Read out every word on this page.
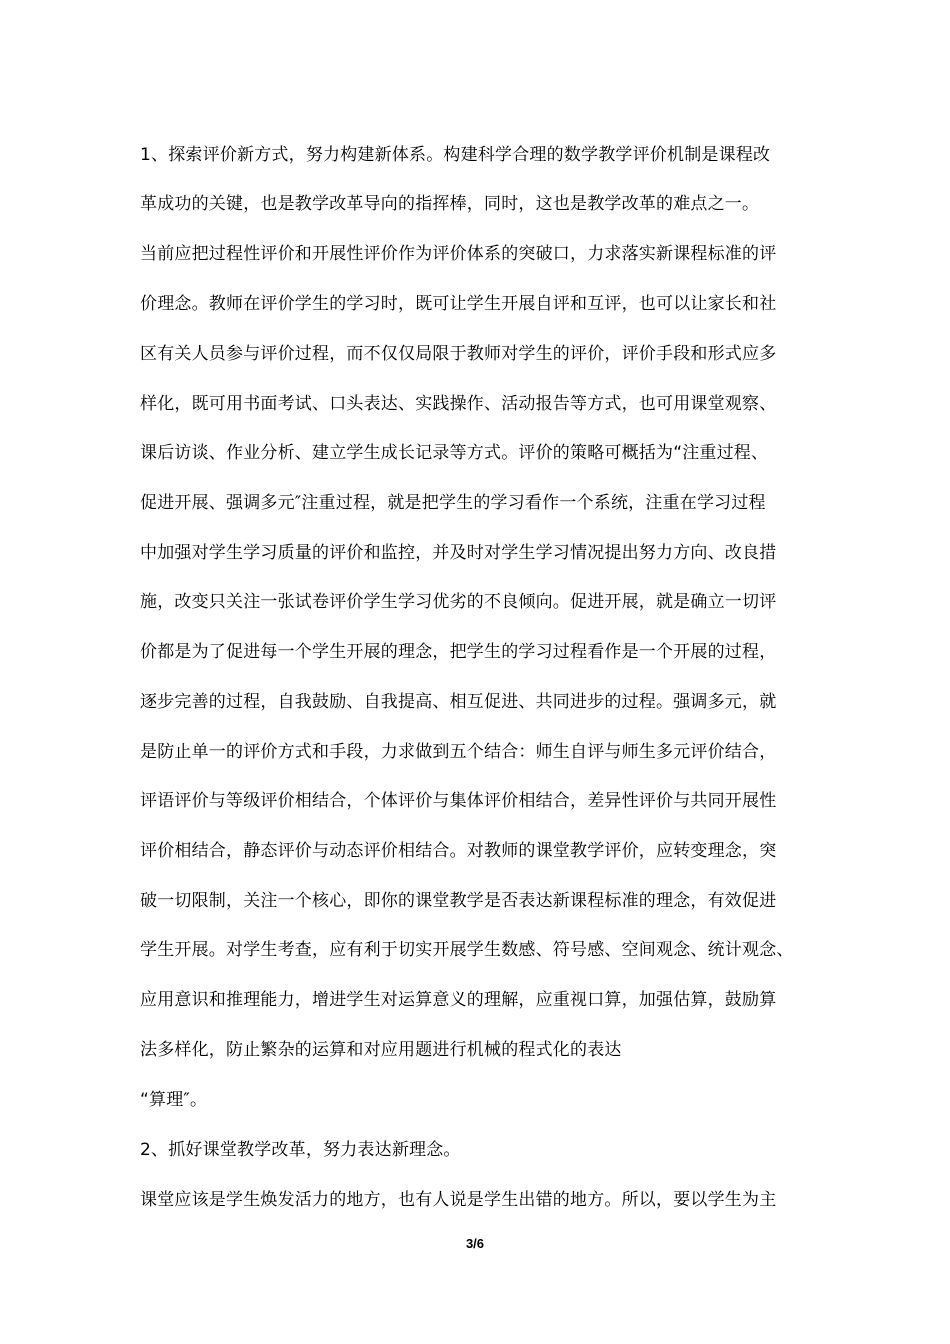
1、探索评价新方式，努力构建新体系。构建科学合理的数学教学评价机制是课程改
革成功的关键，也是教学改革导向的指挥棒，同时，这也是教学改革的难点之一。
当前应把过程性评价和开展性评价作为评价体系的突破口，力求落实新课程标准的评
价理念。教师在评价学生的学习时，既可让学生开展自评和互评，也可以让家长和社
区有关人员参与评价过程，而不仅仅局限于教师对学生的评价，评价手段和形式应多
样化，既可用书面考试、口头表达、实践操作、活动报告等方式，也可用课堂观察、
课后访谈、作业分析、建立学生成长记录等方式。评价的策略可概括为“注重过程、
促进开展、强调多元″注重过程，就是把学生的学习看作一个系统，注重在学习过程
中加强对学生学习质量的评价和监控，并及时对学生学习情况提出努力方向、改良措
施，改变只关注一张试卷评价学生学习优劣的不良倾向。促进开展，就是确立一切评
价都是为了促进每一个学生开展的理念，把学生的学习过程看作是一个开展的过程，
逐步完善的过程，自我鼓励、自我提高、相互促进、共同进步的过程。强调多元，就
是防止单一的评价方式和手段，力求做到五个结合：师生自评与师生多元评价结合，
评语评价与等级评价相结合，个体评价与集体评价相结合，差异性评价与共同开展性
评价相结合，静态评价与动态评价相结合。对教师的课堂教学评价，应转变理念，突
破一切限制，关注一个核心，即你的课堂教学是否表达新课程标准的理念，有效促进
学生开展。对学生考查，应有利于切实开展学生数感、符号感、空间观念、统计观念、
应用意识和推理能力，增进学生对运算意义的理解，应重视口算，加强估算，鼓励算
法多样化，防止繁杂的运算和对应用题进行机械的程式化的表达
“算理″。
2、抓好课堂教学改革，努力表达新理念。
课堂应该是学生焕发活力的地方，也有人说是学生出错的地方。所以，要以学生为主
3/6
